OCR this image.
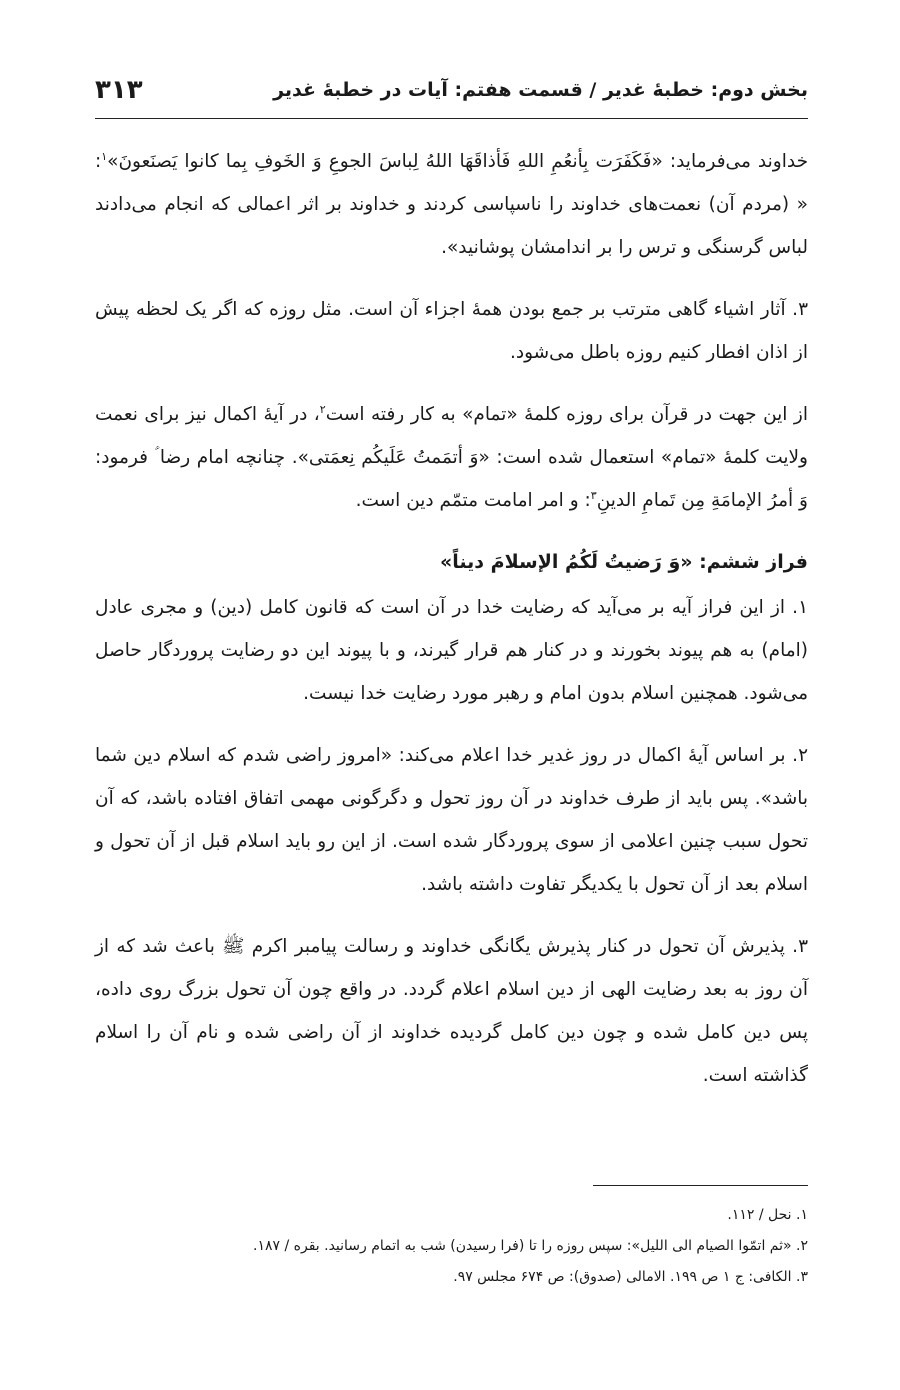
بخش دوم: خطبهٔ غدیر / قسمت هفتم: آیات در خطبهٔ غدیر
۳۱۳

خداوند می‌فرماید: «فَکَفَرَت بِأنعُمِ اللهِ فَأذاقَهَا اللهُ لِباسَ الجوعِ وَ الخَوفِ بِما کانوا یَصنَعونَ»$^۱$: « (مردم آن) نعمت‌های خداوند را ناسپاسی کردند و خداوند بر اثر اعمالی که انجام می‌دادند لباس گرسنگی و ترس را بر اندامشان پوشانید».

۳. آثار اشیاء گاهی مترتب بر جمع بودن همهٔ اجزاء آن است. مثل روزه که اگر یک لحظه پیش از اذان افطار کنیم روزه باطل می‌شود.

از این جهت در قرآن برای روزه کلمهٔ «تمام» به کار رفته است$^۲$، در آیهٔ اکمال نیز برای نعمت ولایت کلمهٔ «تمام» استعمال شده است: «وَ أتمَمتُ عَلَیکُم نِعمَتی». چنانچه امام رضا ؑ فرمود: وَ أمرُ الإمامَةِ مِن تَمامِ الدینِ$^۳$: و امر امامت متمّم دین است.

فراز ششم: «وَ رَضیتُ لَکُمُ الإسلامَ دیناً»

۱. از این فراز آیه بر می‌آید که رضایت خدا در آن است که قانون کامل (دین) و مجری عادل (امام) به هم پیوند بخورند و در کنار هم قرار گیرند، و با پیوند این دو رضایت پروردگار حاصل می‌شود. همچنین اسلام بدون امام و رهبر مورد رضایت خدا نیست.

۲. بر اساس آیهٔ اکمال در روز غدیر خدا اعلام می‌کند: «امروز راضی شدم که اسلام دین شما باشد». پس باید از طرف خداوند در آن روز تحول و دگرگونی مهمی اتفاق افتاده باشد، که آن تحول سبب چنین اعلامی از سوی پروردگار شده است. از این رو باید اسلام قبل از آن تحول و اسلام بعد از آن تحول با یکدیگر تفاوت داشته باشد.

۳. پذیرش آن تحول در کنار پذیرش یگانگی خداوند و رسالت پیامبر اکرم ﷺ باعث شد که از آن روز به بعد رضایت الهی از دین اسلام اعلام گردد. در واقع چون آن تحول بزرگ روی داده، پس دین کامل شده و چون دین کامل گردیده خداوند از آن راضی شده و نام آن را اسلام گذاشته است.

۱. نحل / ۱۱۲.
۲. «ثم اتمّوا الصیام الی اللیل»: سپس روزه را تا (فرا رسیدن) شب به اتمام رسانید. بقره / ۱۸۷.
۳. الکافی: ج ۱ ص ۱۹۹. الامالی (صدوق): ص ۶۷۴ مجلس ۹۷.
